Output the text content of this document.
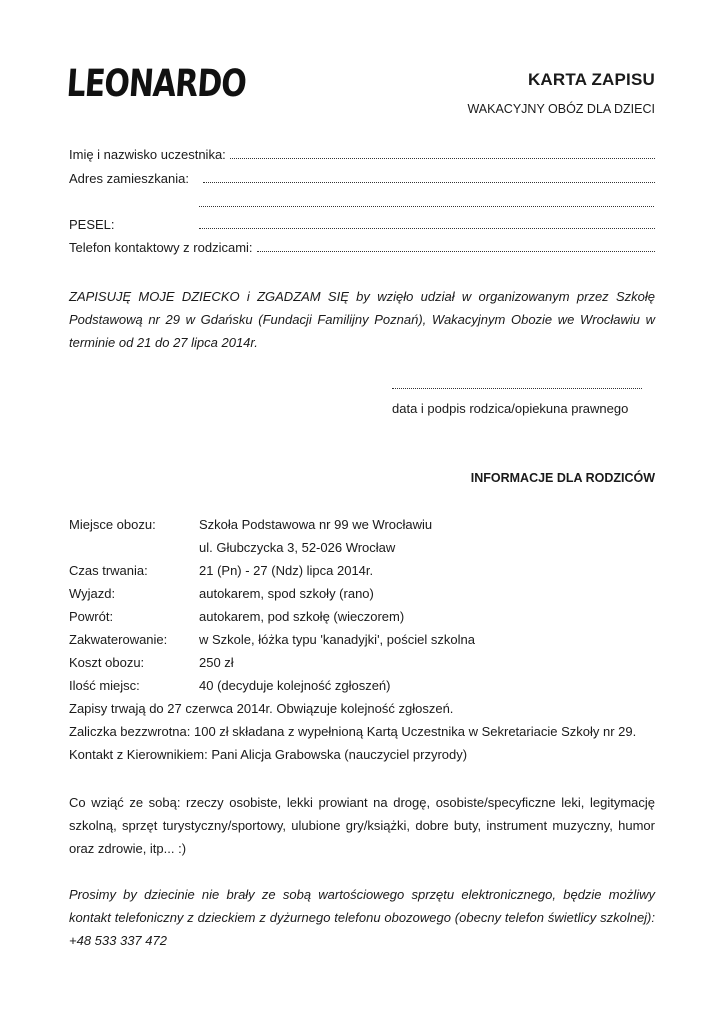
LEONARDO	KARTA ZAPISU
WAKACYJNY OBÓZ DLA DZIECI
Imię i nazwisko uczestnika:
Adres zamieszkania:
PESEL:
Telefon kontaktowy z rodzicami:
ZAPISUJĘ MOJE DZIECKO i ZGADZAM SIĘ by wzięło udział w organizowanym przez Szkołę Podstawową nr 29 w Gdańsku (Fundacji Familijny Poznań), Wakacyjnym Obozie we Wrocławiu w terminie od 21 do 27 lipca 2014r.
data i podpis rodzica/opiekuna prawnego
INFORMACJE DLA RODZICÓW
Miejsce obozu:	Szkoła Podstawowa nr 99 we Wrocławiu
ul. Głubczycka 3, 52-026 Wrocław
Czas trwania:	21 (Pn) - 27 (Ndz) lipca 2014r.
Wyjazd:	autokarem, spod szkoły (rano)
Powrót:	autokarem, pod szkołę (wieczorem)
Zakwaterowanie: w Szkole, łóżka typu 'kanadyjki', pościel szkolna
Koszt obozu:	250 zł
Ilość miejsc:	40 (decyduje kolejność zgłoszeń)
Zapisy trwają do 27 czerwca 2014r. Obwiązuje kolejność zgłoszeń.
Zaliczka bezzwrotna: 100 zł składana z wypełnioną Kartą Uczestnika w Sekretariacie Szkoły nr 29.
Kontakt z Kierownikiem: Pani Alicja Grabowska (nauczyciel przyrody)
Co wziąć ze sobą: rzeczy osobiste, lekki prowiant na drogę, osobiste/specyficzne leki, legitymację szkolną, sprzęt turystyczny/sportowy, ulubione gry/książki, dobre buty, instrument muzyczny, humor oraz zdrowie, itp... :)
Prosimy by dziecinie nie brały ze sobą wartościowego sprzętu elektronicznego, będzie możliwy kontakt telefoniczny z dzieckiem z dyżurnego telefonu obozowego (obecny telefon świetlicy szkolnej): +48 533 337 472
